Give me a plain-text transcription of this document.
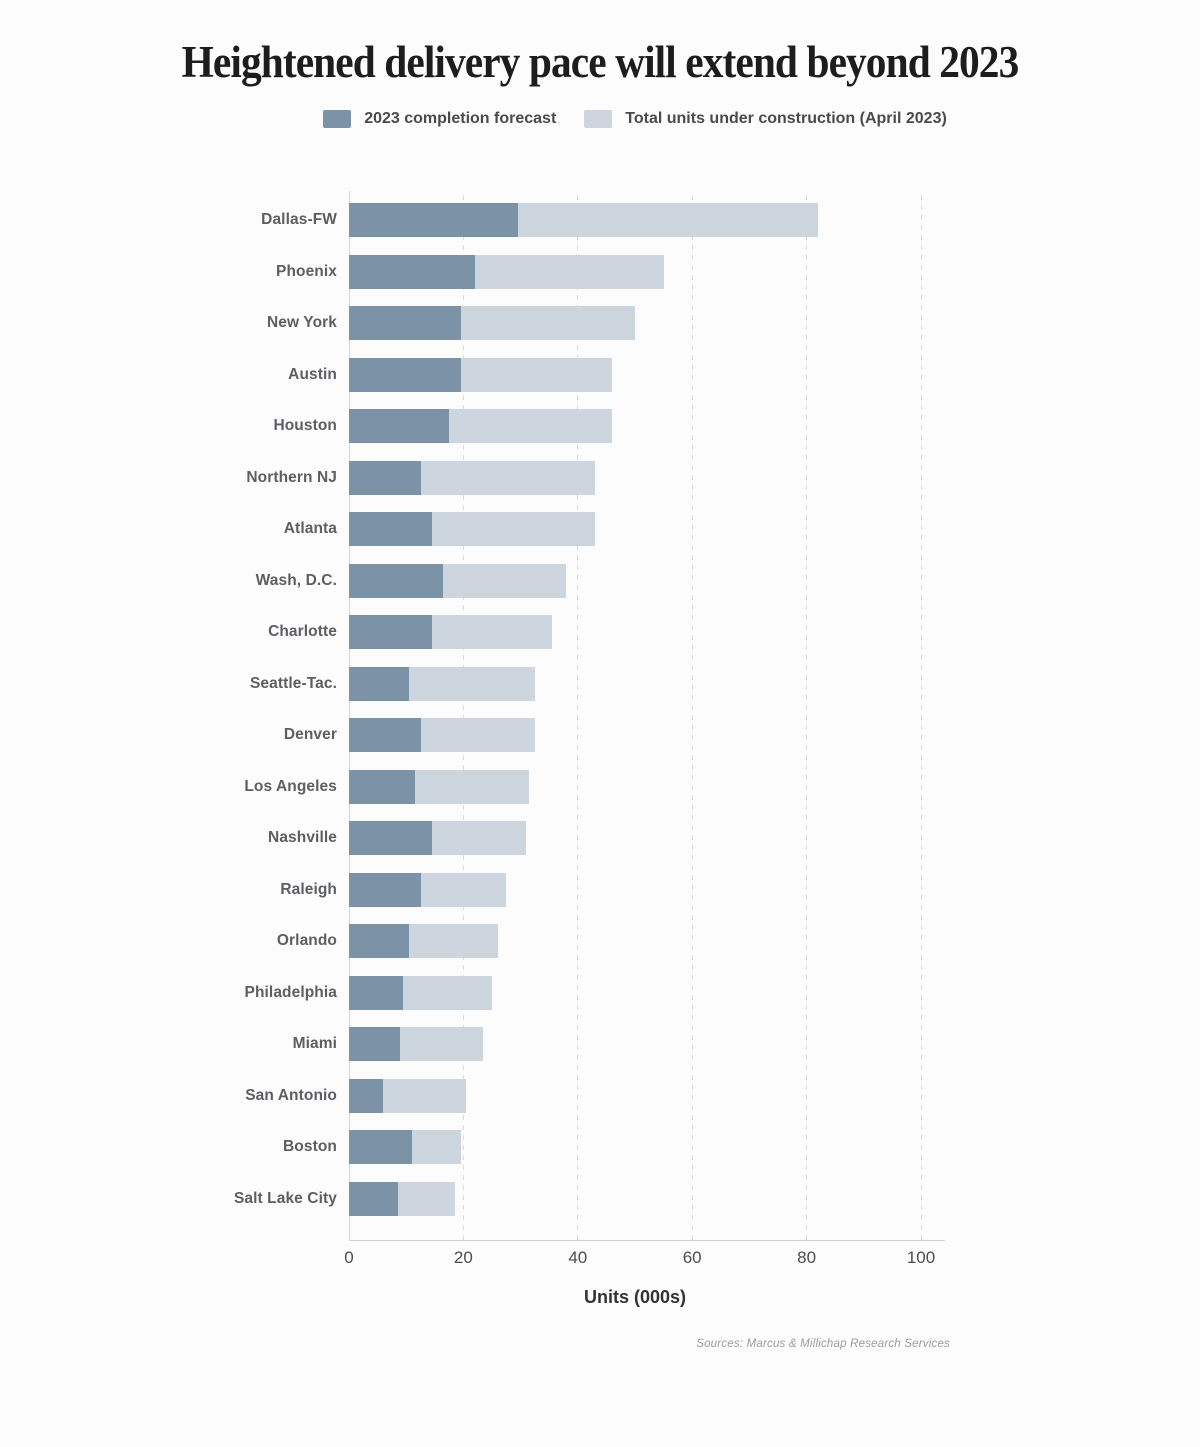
Heightened delivery pace will extend beyond 2023
2023 completion forecast	Total units under construction (April 2023)
Dallas-FW
Phoenix
New York
Austin
Houston
Northern NJ
Atlanta
Wash, D.C.
Charlotte
Seattle-Tac.
Denver
Los Angeles
Nashville
Raleigh
Orlando
Philadelphia
Miami
San Antonio
Boston
Salt Lake City
0	20	40	60	80	100
Units (000s)
Sources: Marcus & Millichap Research Services
